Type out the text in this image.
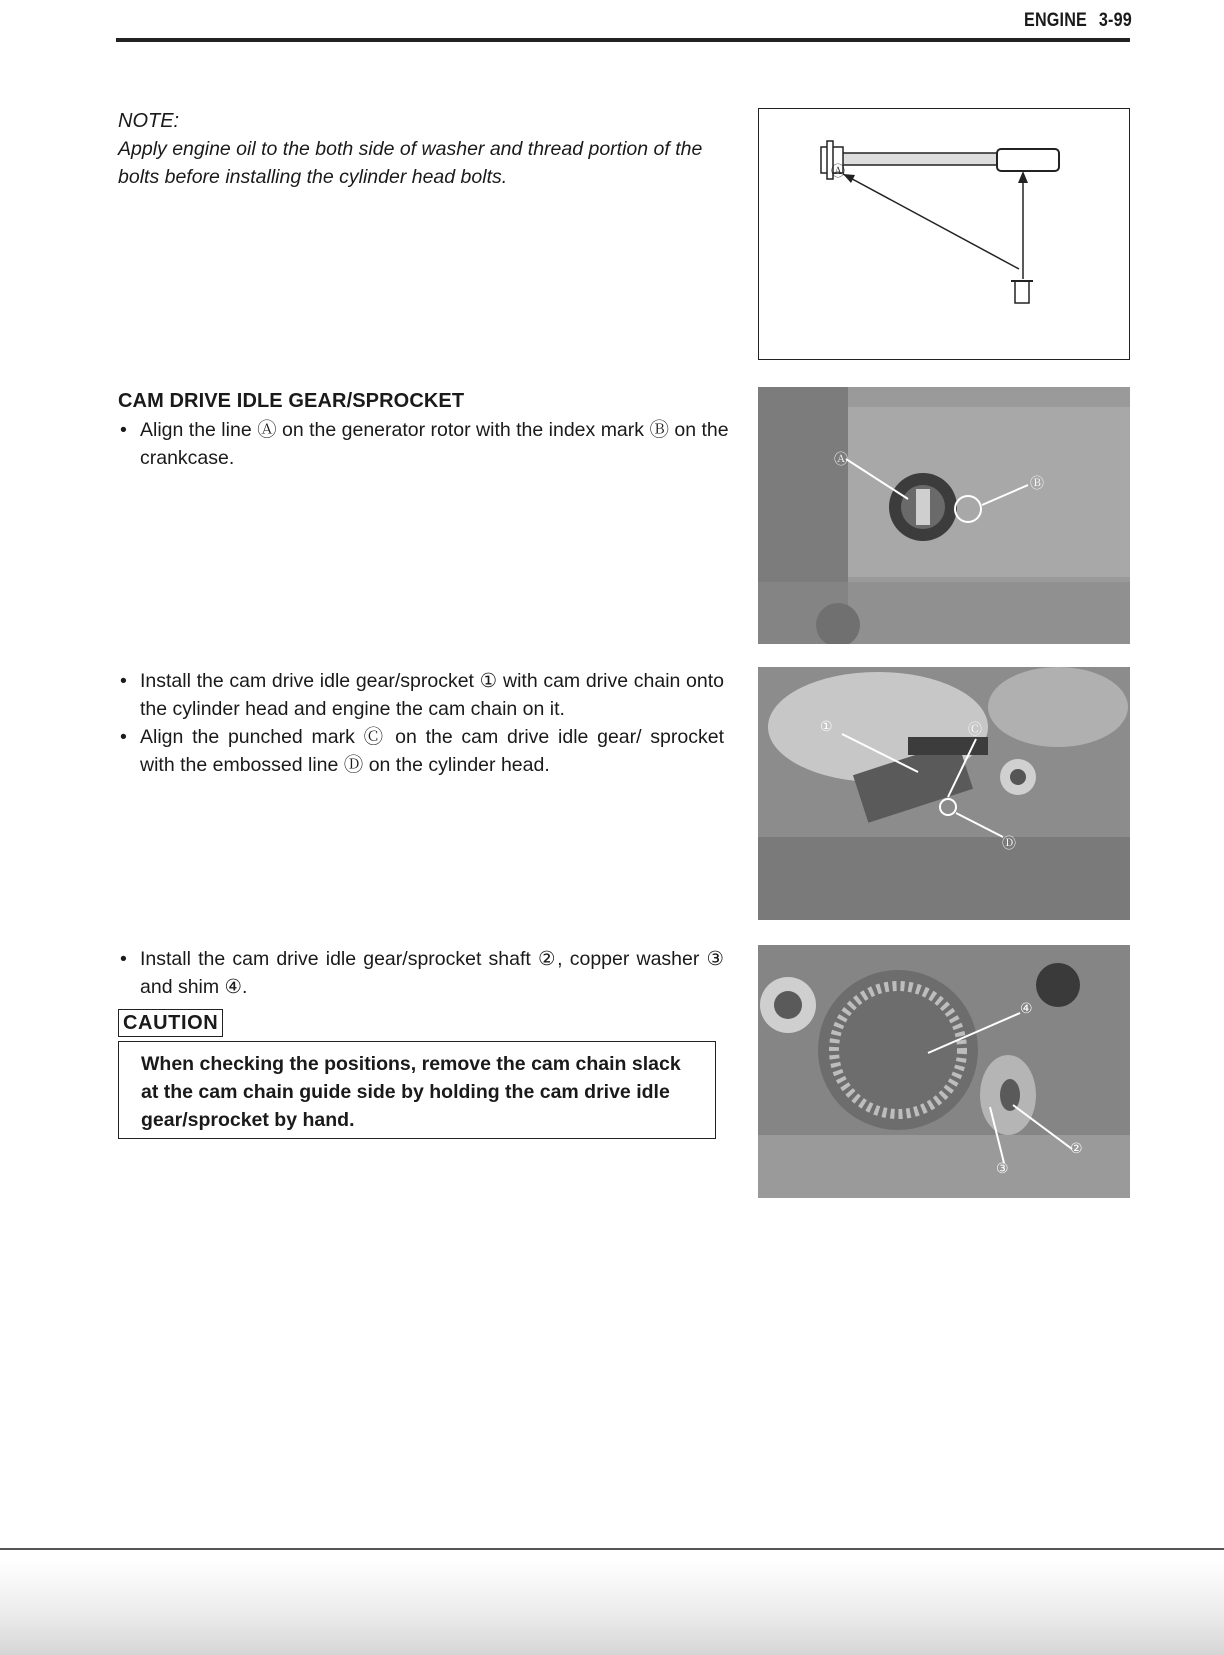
ENGINE 3-99
NOTE:
Apply engine oil to the both side of washer and thread portion of the bolts before installing the cylinder head bolts.	Ⓐ
CAM DRIVE IDLE GEAR/SPROCKET
• Align the line Ⓐ on the generator rotor with the index mark Ⓑ on the crankcase.	Ⓐ
Ⓑ
• Install the cam drive idle gear/sprocket ① with cam drive chain onto the cylinder head and engine the cam chain on it.
• Align the punched mark Ⓒ on the cam drive idle gear/ sprocket with the embossed line Ⓓ on the cylinder head.
①	Ⓒ
Ⓓ
• Install the cam drive idle gear/sprocket shaft ②, copper washer ③ and shim ④.
CAUTION
When checking the positions, remove the cam chain slack at the cam chain guide side by holding the cam drive idle gear/sprocket by hand.
④
②
③
